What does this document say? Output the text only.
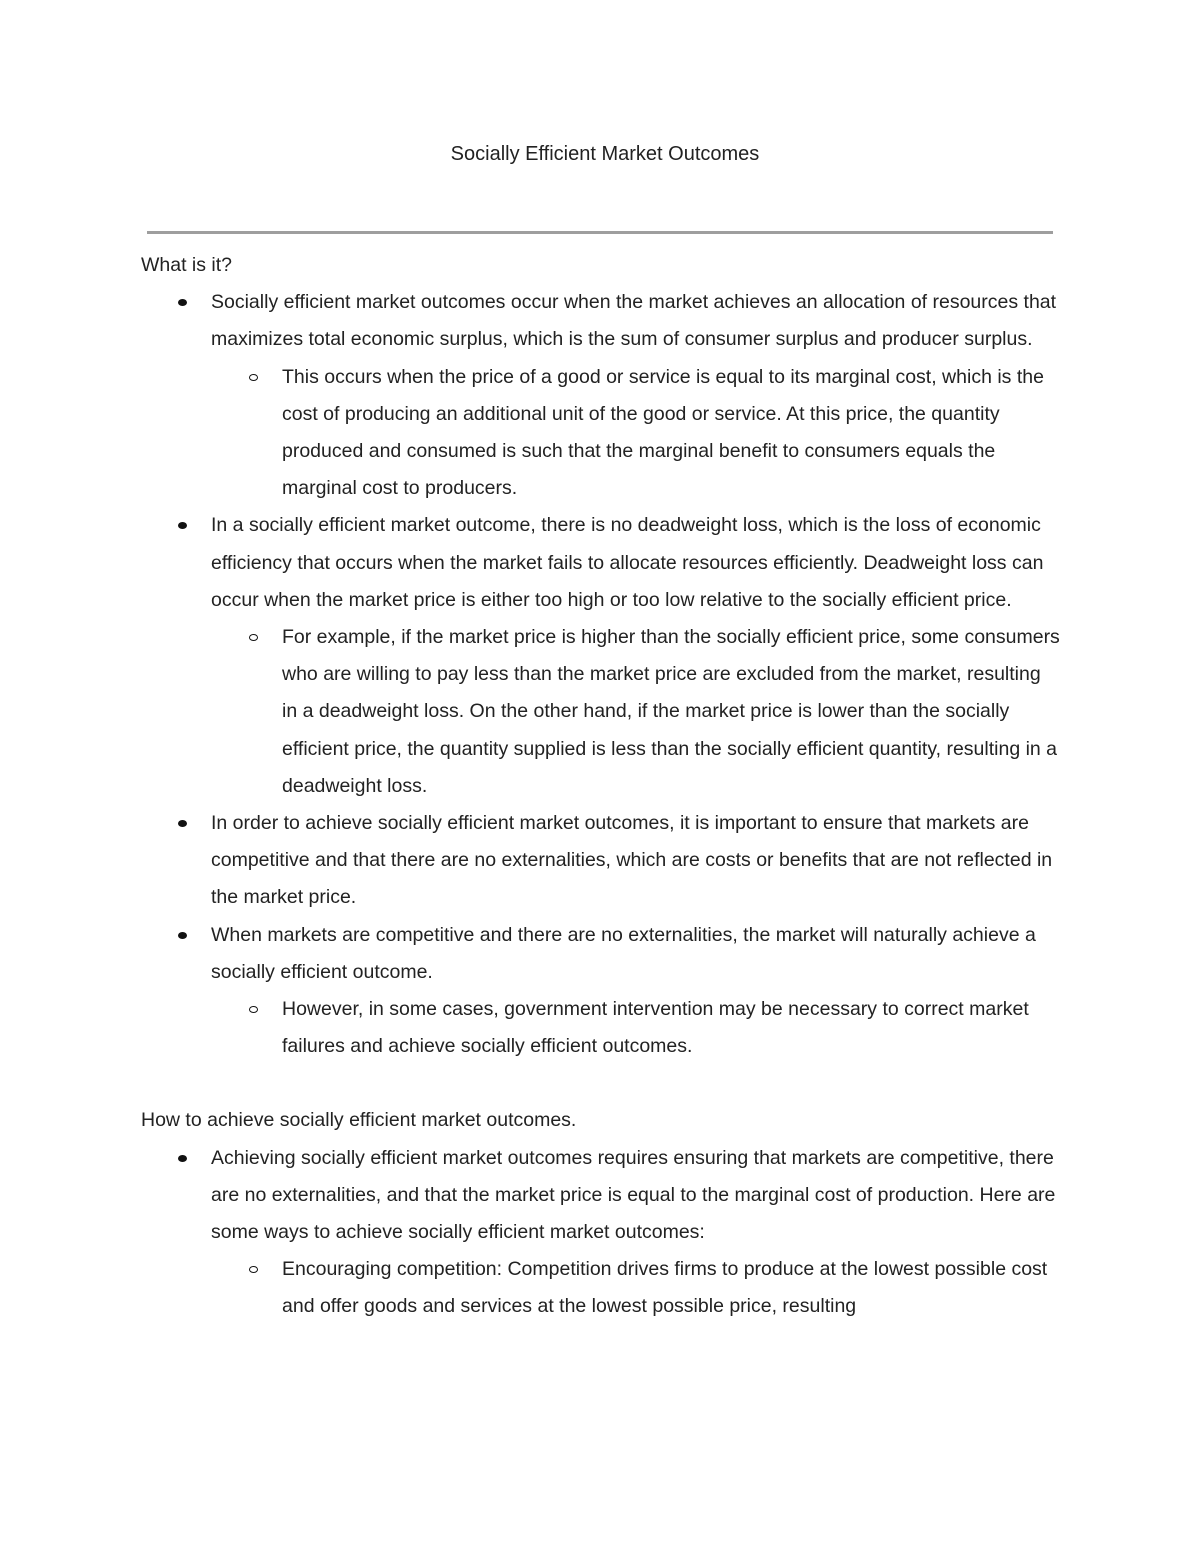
Socially Efficient Market Outcomes

What is it?

Socially efficient market outcomes occur when the market achieves an allocation of resources that maximizes total economic surplus, which is the sum of consumer surplus and producer surplus.
This occurs when the price of a good or service is equal to its marginal cost, which is the cost of producing an additional unit of the good or service. At this price, the quantity produced and consumed is such that the marginal benefit to consumers equals the marginal cost to producers.
In a socially efficient market outcome, there is no deadweight loss, which is the loss of economic efficiency that occurs when the market fails to allocate resources efficiently. Deadweight loss can occur when the market price is either too high or too low relative to the socially efficient price.
For example, if the market price is higher than the socially efficient price, some consumers who are willing to pay less than the market price are excluded from the market, resulting in a deadweight loss. On the other hand, if the market price is lower than the socially efficient price, the quantity supplied is less than the socially efficient quantity, resulting in a deadweight loss.
In order to achieve socially efficient market outcomes, it is important to ensure that markets are competitive and that there are no externalities, which are costs or benefits that are not reflected in the market price.
When markets are competitive and there are no externalities, the market will naturally achieve a socially efficient outcome.
However, in some cases, government intervention may be necessary to correct market failures and achieve socially efficient outcomes.

How to achieve socially efficient market outcomes.

Achieving socially efficient market outcomes requires ensuring that markets are competitive, there are no externalities, and that the market price is equal to the marginal cost of production. Here are some ways to achieve socially efficient market outcomes:
Encouraging competition: Competition drives firms to produce at the lowest possible cost and offer goods and services at the lowest possible price, resulting
